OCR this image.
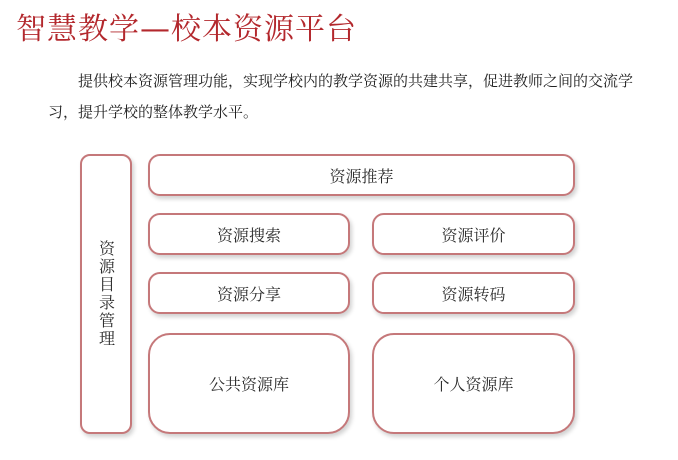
智慧教学—校本资源平台
提供校本资源管理功能，实现学校内的教学资源的共建共享，促进教师之间的交流学习，提升学校的整体教学水平。
资源目录管理
资源推荐
资源搜索	资源评价
资源分享	资源转码
公共资源库	个人资源库
